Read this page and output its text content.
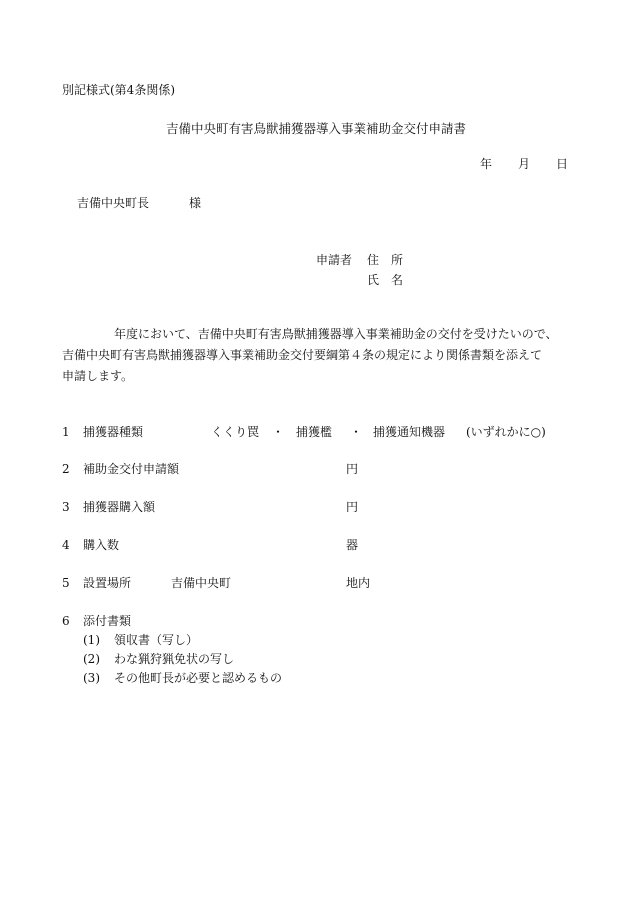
別記様式(第4条関係)
吉備中央町有害鳥獣捕獲器導入事業補助金交付申請書
年 月 日
吉備中央町長	様
申請者 住　所
氏　名
年度において、吉備中央町有害鳥獣捕獲器導入事業補助金の交付を受けたいので、
吉備中央町有害鳥獣捕獲器導入事業補助金交付要綱第４条の規定により関係書類を添えて
申請します。
1 捕獲器種類	くくり罠 ・ 捕獲檻 ・ 捕獲通知機器 (いずれかに○)
2 補助金交付申請額	円
3 捕獲器購入額	円
4 購入数	器
5 設置場所	吉備中央町	地内
6 添付書類
(1) 領収書（写し）
(2) わな猟狩猟免状の写し
(3) その他町長が必要と認めるもの
